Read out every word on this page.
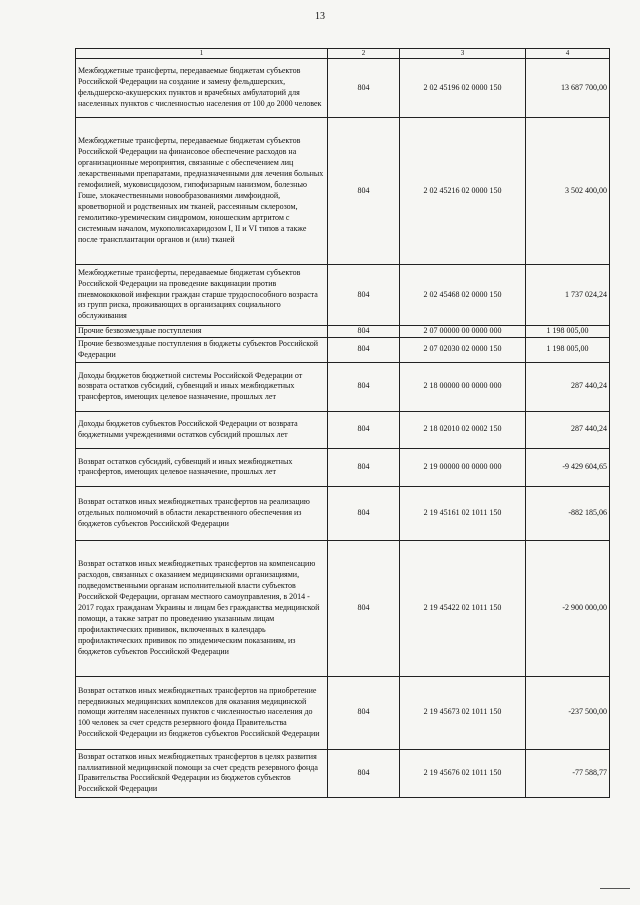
13
1	2	3	4
Межбюджетные трансферты, передаваемые бюджетам субъектов Российской Федерации на создание и замену фельдшерских, фельдшерско-акушерских пунктов и врачебных амбулаторий для населенных пунктов с численностью населения от 100 до 2000 человек	804	2 02 45196 02 0000 150	13 687 700,00
Межбюджетные трансферты, передаваемые бюджетам субъектов Российской Федерации на финансовое обеспечение расходов на организационные мероприятия, связанные с обеспечением лиц лекарственными препаратами, предназначенными для лечения больных гемофилией, муковисцидозом, гипофизарным нанизмом, болезнью Гоше, злокачественными новообразованиями лимфоидной, кроветворной и родственных им тканей, рассеянным склерозом, гемолитико-уремическим синдромом, юношеским артритом с системным началом, мукополисахаридозом I, II и VI типов а также после трансплантации органов и (или) тканей	804	2 02 45216 02 0000 150	3 502 400,00
Межбюджетные трансферты, передаваемые бюджетам субъектов Российской Федерации на проведение вакцинации против пневмококковой инфекции граждан старше трудоспособного возраста из групп риска, проживающих в организациях социального обслуживания	804	2 02 45468 02 0000 150	1 737 024,24
Прочие безвозмездные поступления	804	2 07 00000 00 0000 000	1 198 005,00
Прочие безвозмездные поступления в бюджеты субъектов Российской Федерации	804	2 07 02030 02 0000 150	1 198 005,00
Доходы бюджетов бюджетной системы Российской Федерации от возврата остатков субсидий, субвенций и иных межбюджетных трансфертов, имеющих целевое назначение, прошлых лет	804	2 18 00000 00 0000 000	287 440,24
Доходы бюджетов субъектов Российской Федерации от возврата бюджетными учреждениями остатков субсидий прошлых лет	804	2 18 02010 02 0002 150	287 440,24
Возврат остатков субсидий, субвенций и иных межбюджетных трансфертов, имеющих целевое назначение, прошлых лет	804	2 19 00000 00 0000 000	-9 429 604,65
Возврат остатков иных межбюджетных трансфертов на реализацию отдельных полномочий в области лекарственного обеспечения из бюджетов субъектов Российской Федерации	804	2 19 45161 02 1011 150	-882 185,06
Возврат остатков иных межбюджетных трансфертов на компенсацию расходов, связанных с оказанием медицинскими организациями, подведомственными органам исполнительной власти субъектов Российской Федерации, органам местного самоуправления, в 2014 - 2017 годах гражданам Украины и лицам без гражданства медицинской помощи, а также затрат по проведению указанным лицам профилактических прививок, включенных в календарь профилактических прививок по эпидемическим показаниям, из бюджетов субъектов Российской Федерации	804	2 19 45422 02 1011 150	-2 900 000,00
Возврат остатков иных межбюджетных трансфертов на приобретение передвижных медицинских комплексов для оказания медицинской помощи жителям населенных пунктов с численностью населения до 100 человек за счет средств резервного фонда Правительства Российской Федерации из бюджетов субъектов Российской Федерации	804	2 19 45673 02 1011 150	-237 500,00
Возврат остатков иных межбюджетных трансфертов в целях развития паллиативной медицинской помощи за счет средств резервного фонда Правительства Российской Федерации из бюджетов субъектов Российской Федерации	804	2 19 45676 02 1011 150	-77 588,77
